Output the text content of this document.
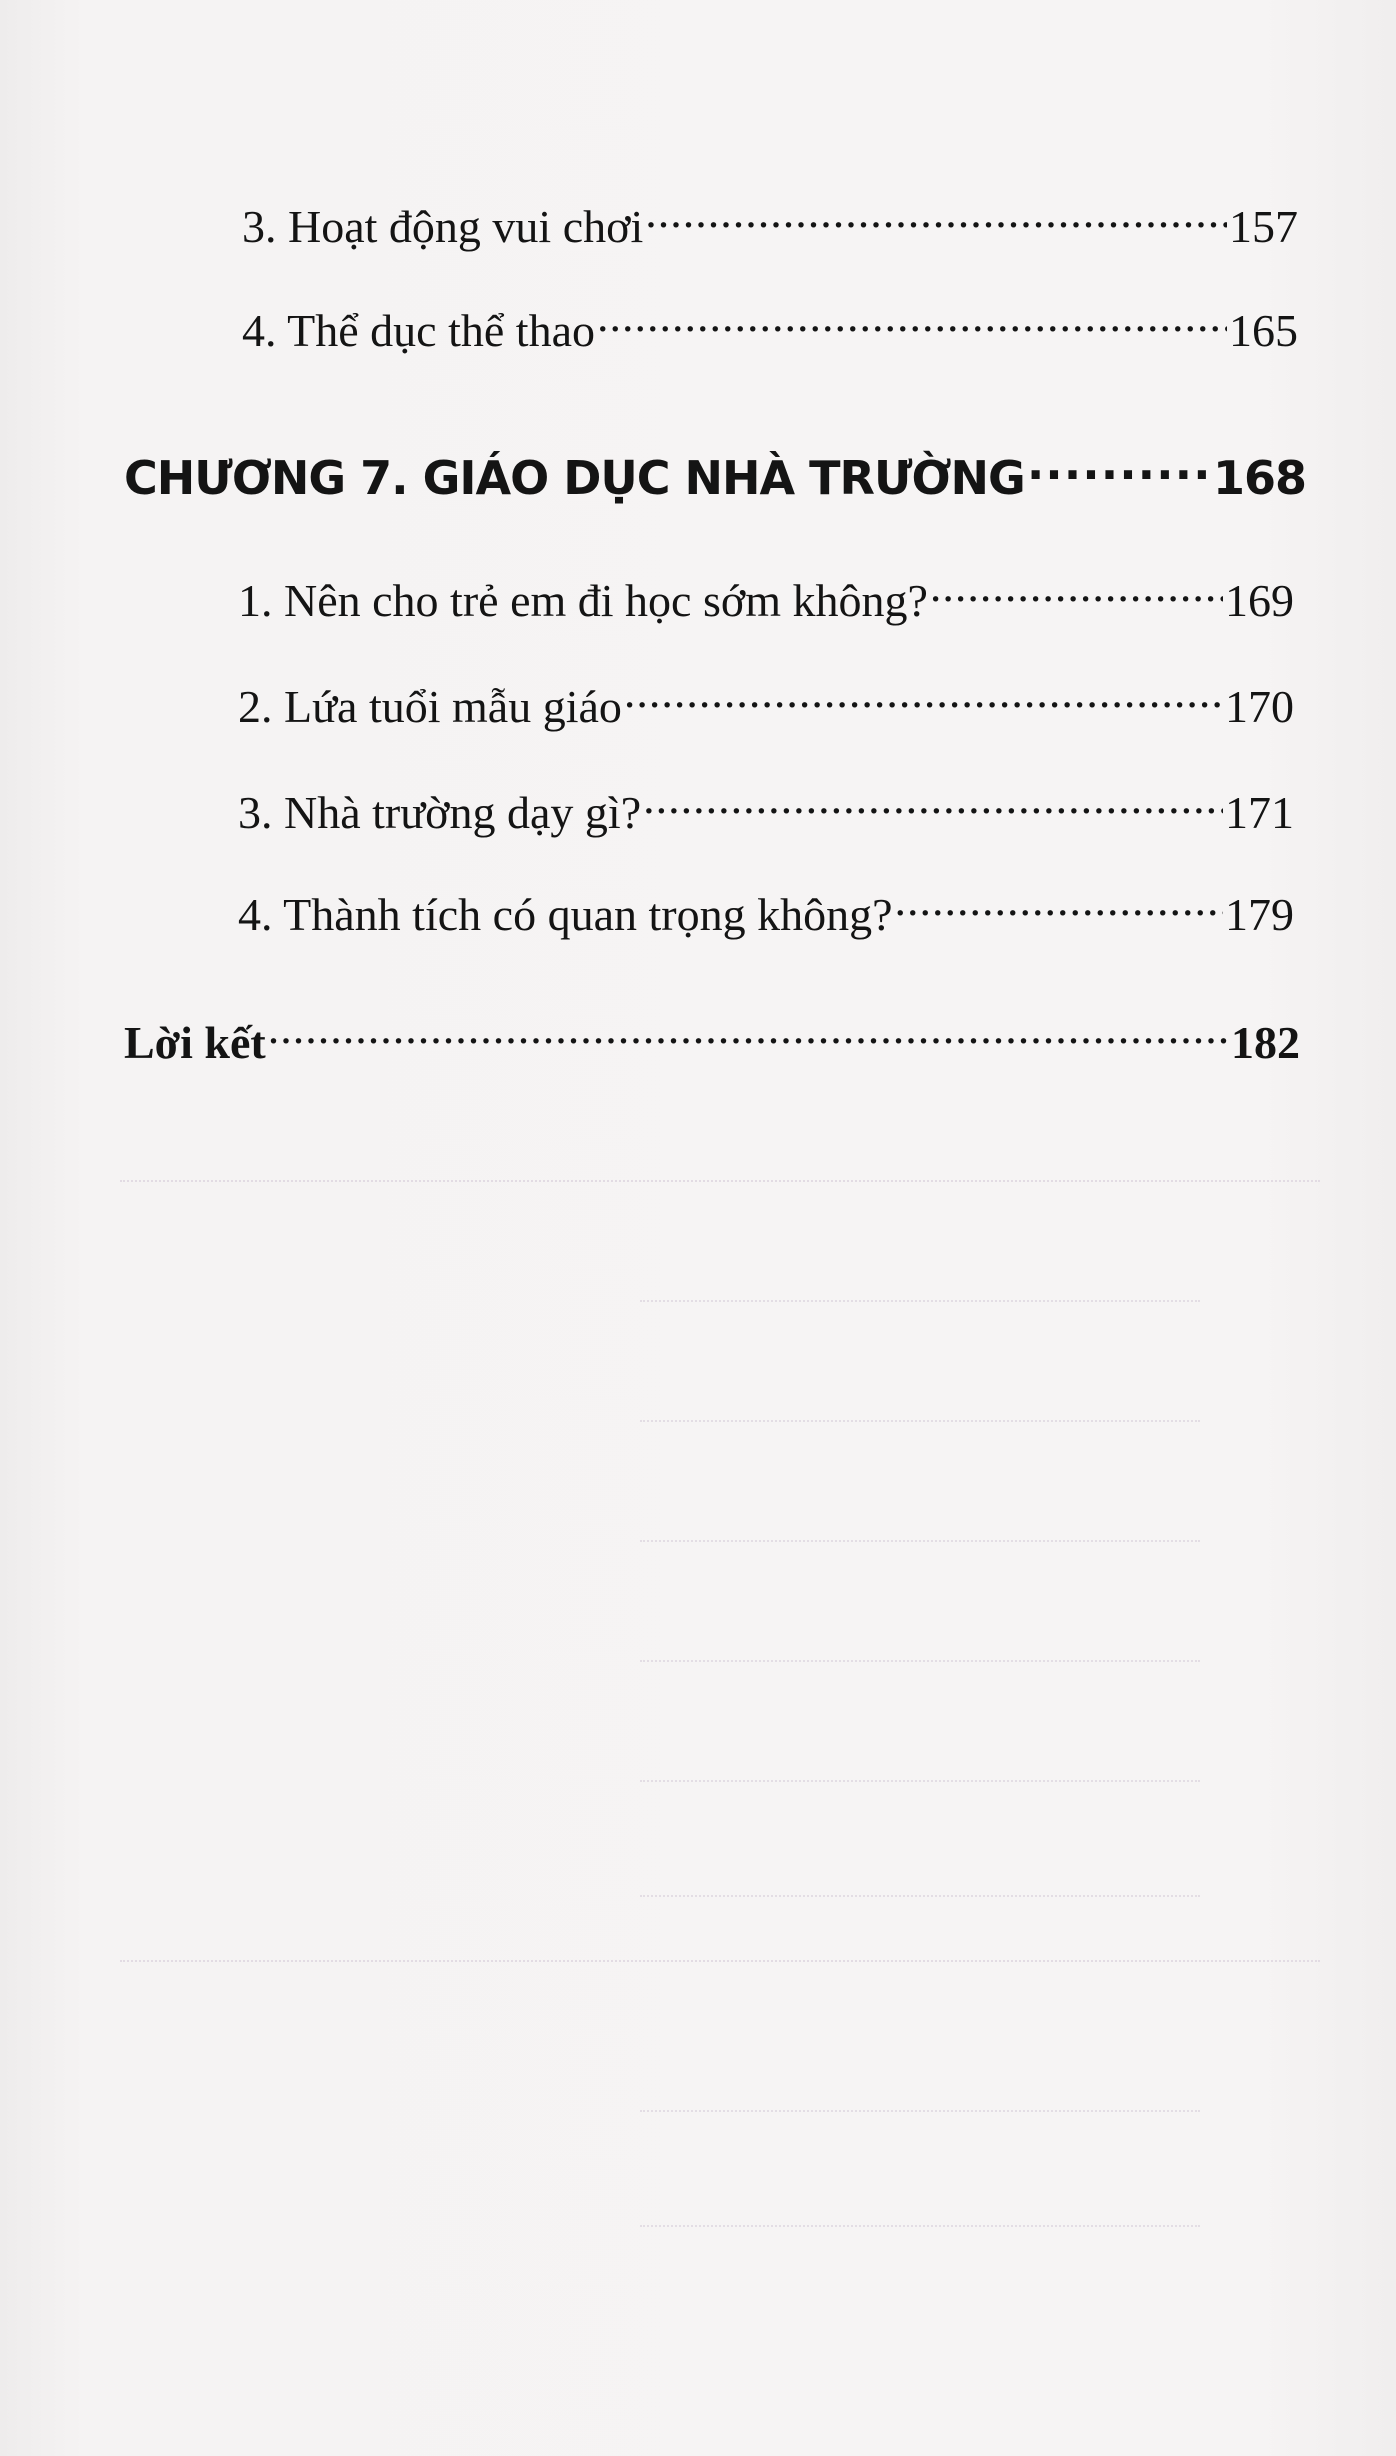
3. Hoạt động vui chơi .....	157
4. Thể dục thể thao .....	165
CHƯƠNG 7. GIÁO DỤC NHÀ TRƯỜNG .....	168
1. Nên cho trẻ em đi học sớm không? .....	169
2. Lứa tuổi mẫu giáo .....	170
3. Nhà trường dạy gì? .....	171
4. Thành tích có quan trọng không? .....	179
Lời kết .....	182
